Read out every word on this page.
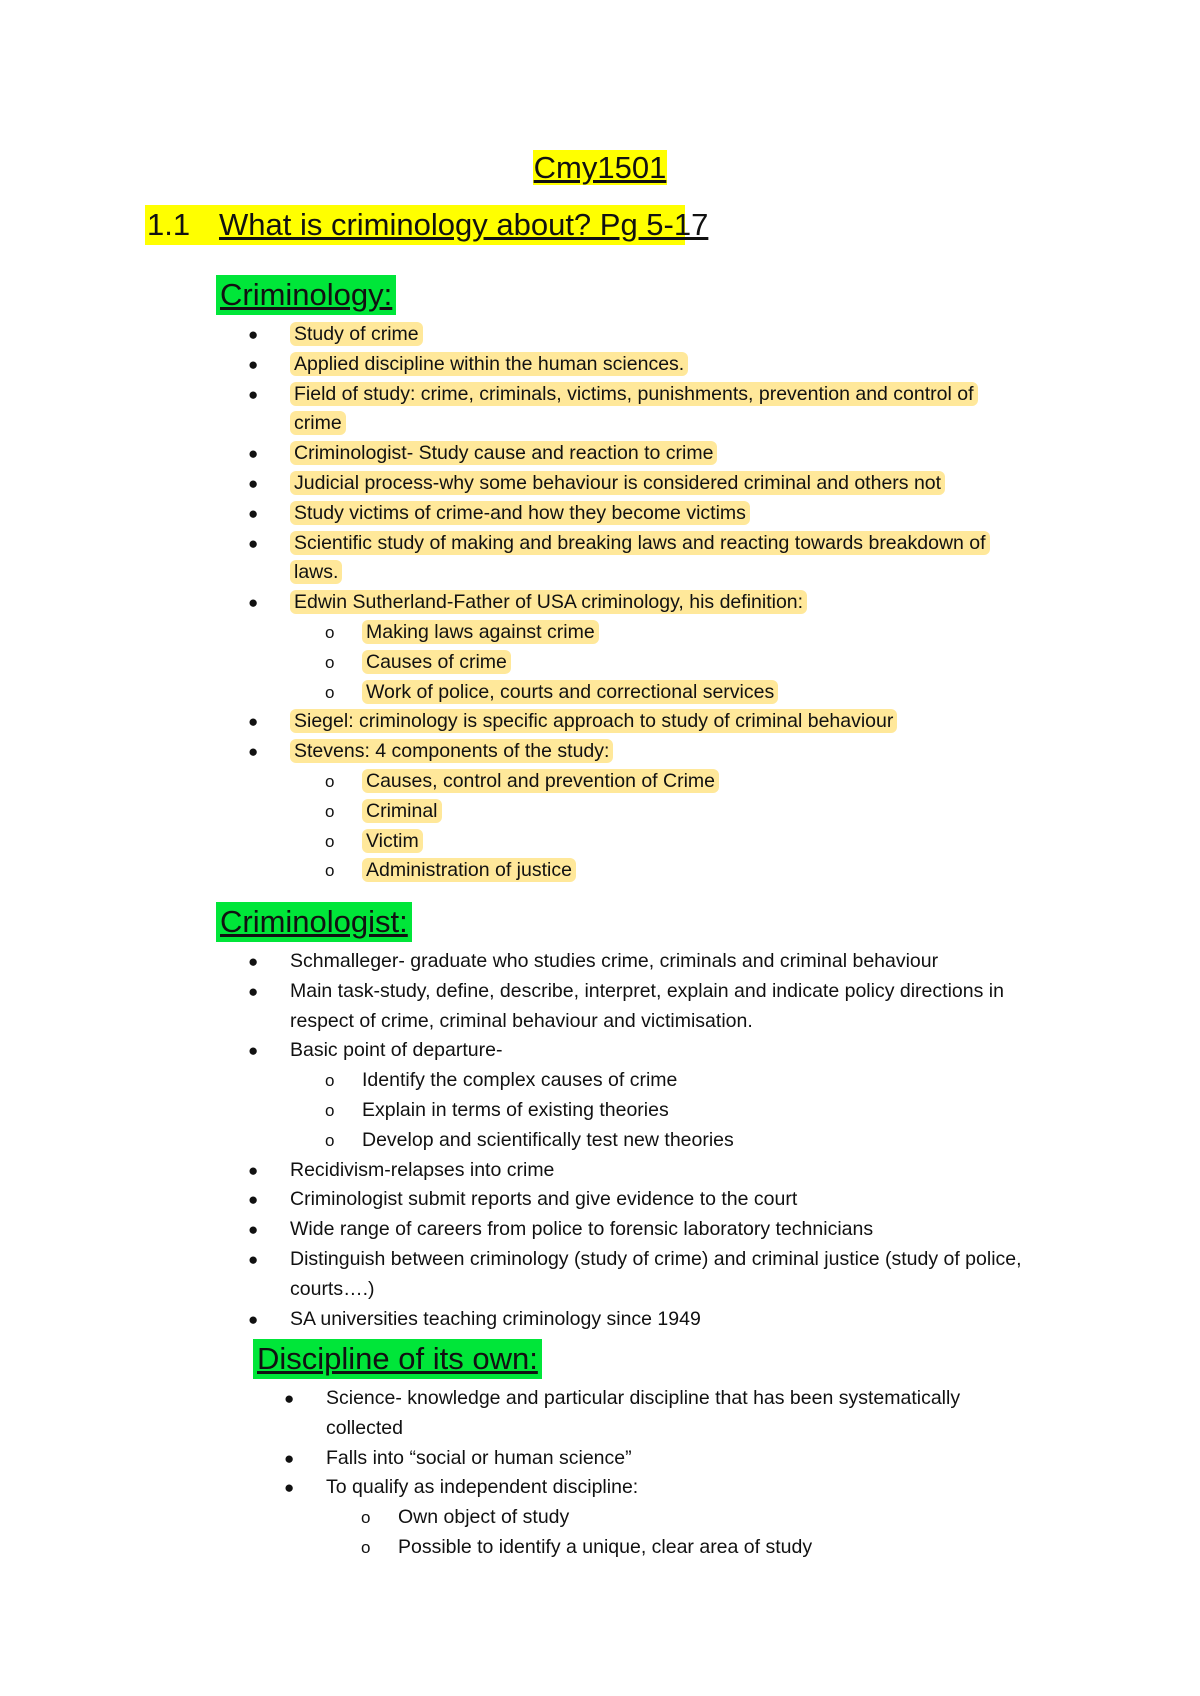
Cmy1501
1.1 What is criminology about? Pg 5-17
Criminology:
● Study of crime
● Applied discipline within the human sciences.
● Field of study: crime, criminals, victims, punishments, prevention and control of crime
● Criminologist- Study cause and reaction to crime
● Judicial process-why some behaviour is considered criminal and others not
● Study victims of crime-and how they become victims
● Scientific study of making and breaking laws and reacting towards breakdown of laws.
● Edwin Sutherland-Father of USA criminology, his definition:
o Making laws against crime
o Causes of crime
o Work of police, courts and correctional services
● Siegel: criminology is specific approach to study of criminal behaviour
● Stevens: 4 components of the study:
o Causes, control and prevention of Crime
o Criminal
o Victim
o Administration of justice
Criminologist:
● Schmalleger- graduate who studies crime, criminals and criminal behaviour
● Main task-study, define, describe, interpret, explain and indicate policy directions in respect of crime, criminal behaviour and victimisation.
● Basic point of departure-
o Identify the complex causes of crime
o Explain in terms of existing theories
o Develop and scientifically test new theories
● Recidivism-relapses into crime
● Criminologist submit reports and give evidence to the court
● Wide range of careers from police to forensic laboratory technicians
● Distinguish between criminology (study of crime) and criminal justice (study of police, courts….)
● SA universities teaching criminology since 1949
Discipline of its own:
● Science- knowledge and particular discipline that has been systematically collected
● Falls into “social or human science”
● To qualify as independent discipline:
o Own object of study
o Possible to identify a unique, clear area of study
